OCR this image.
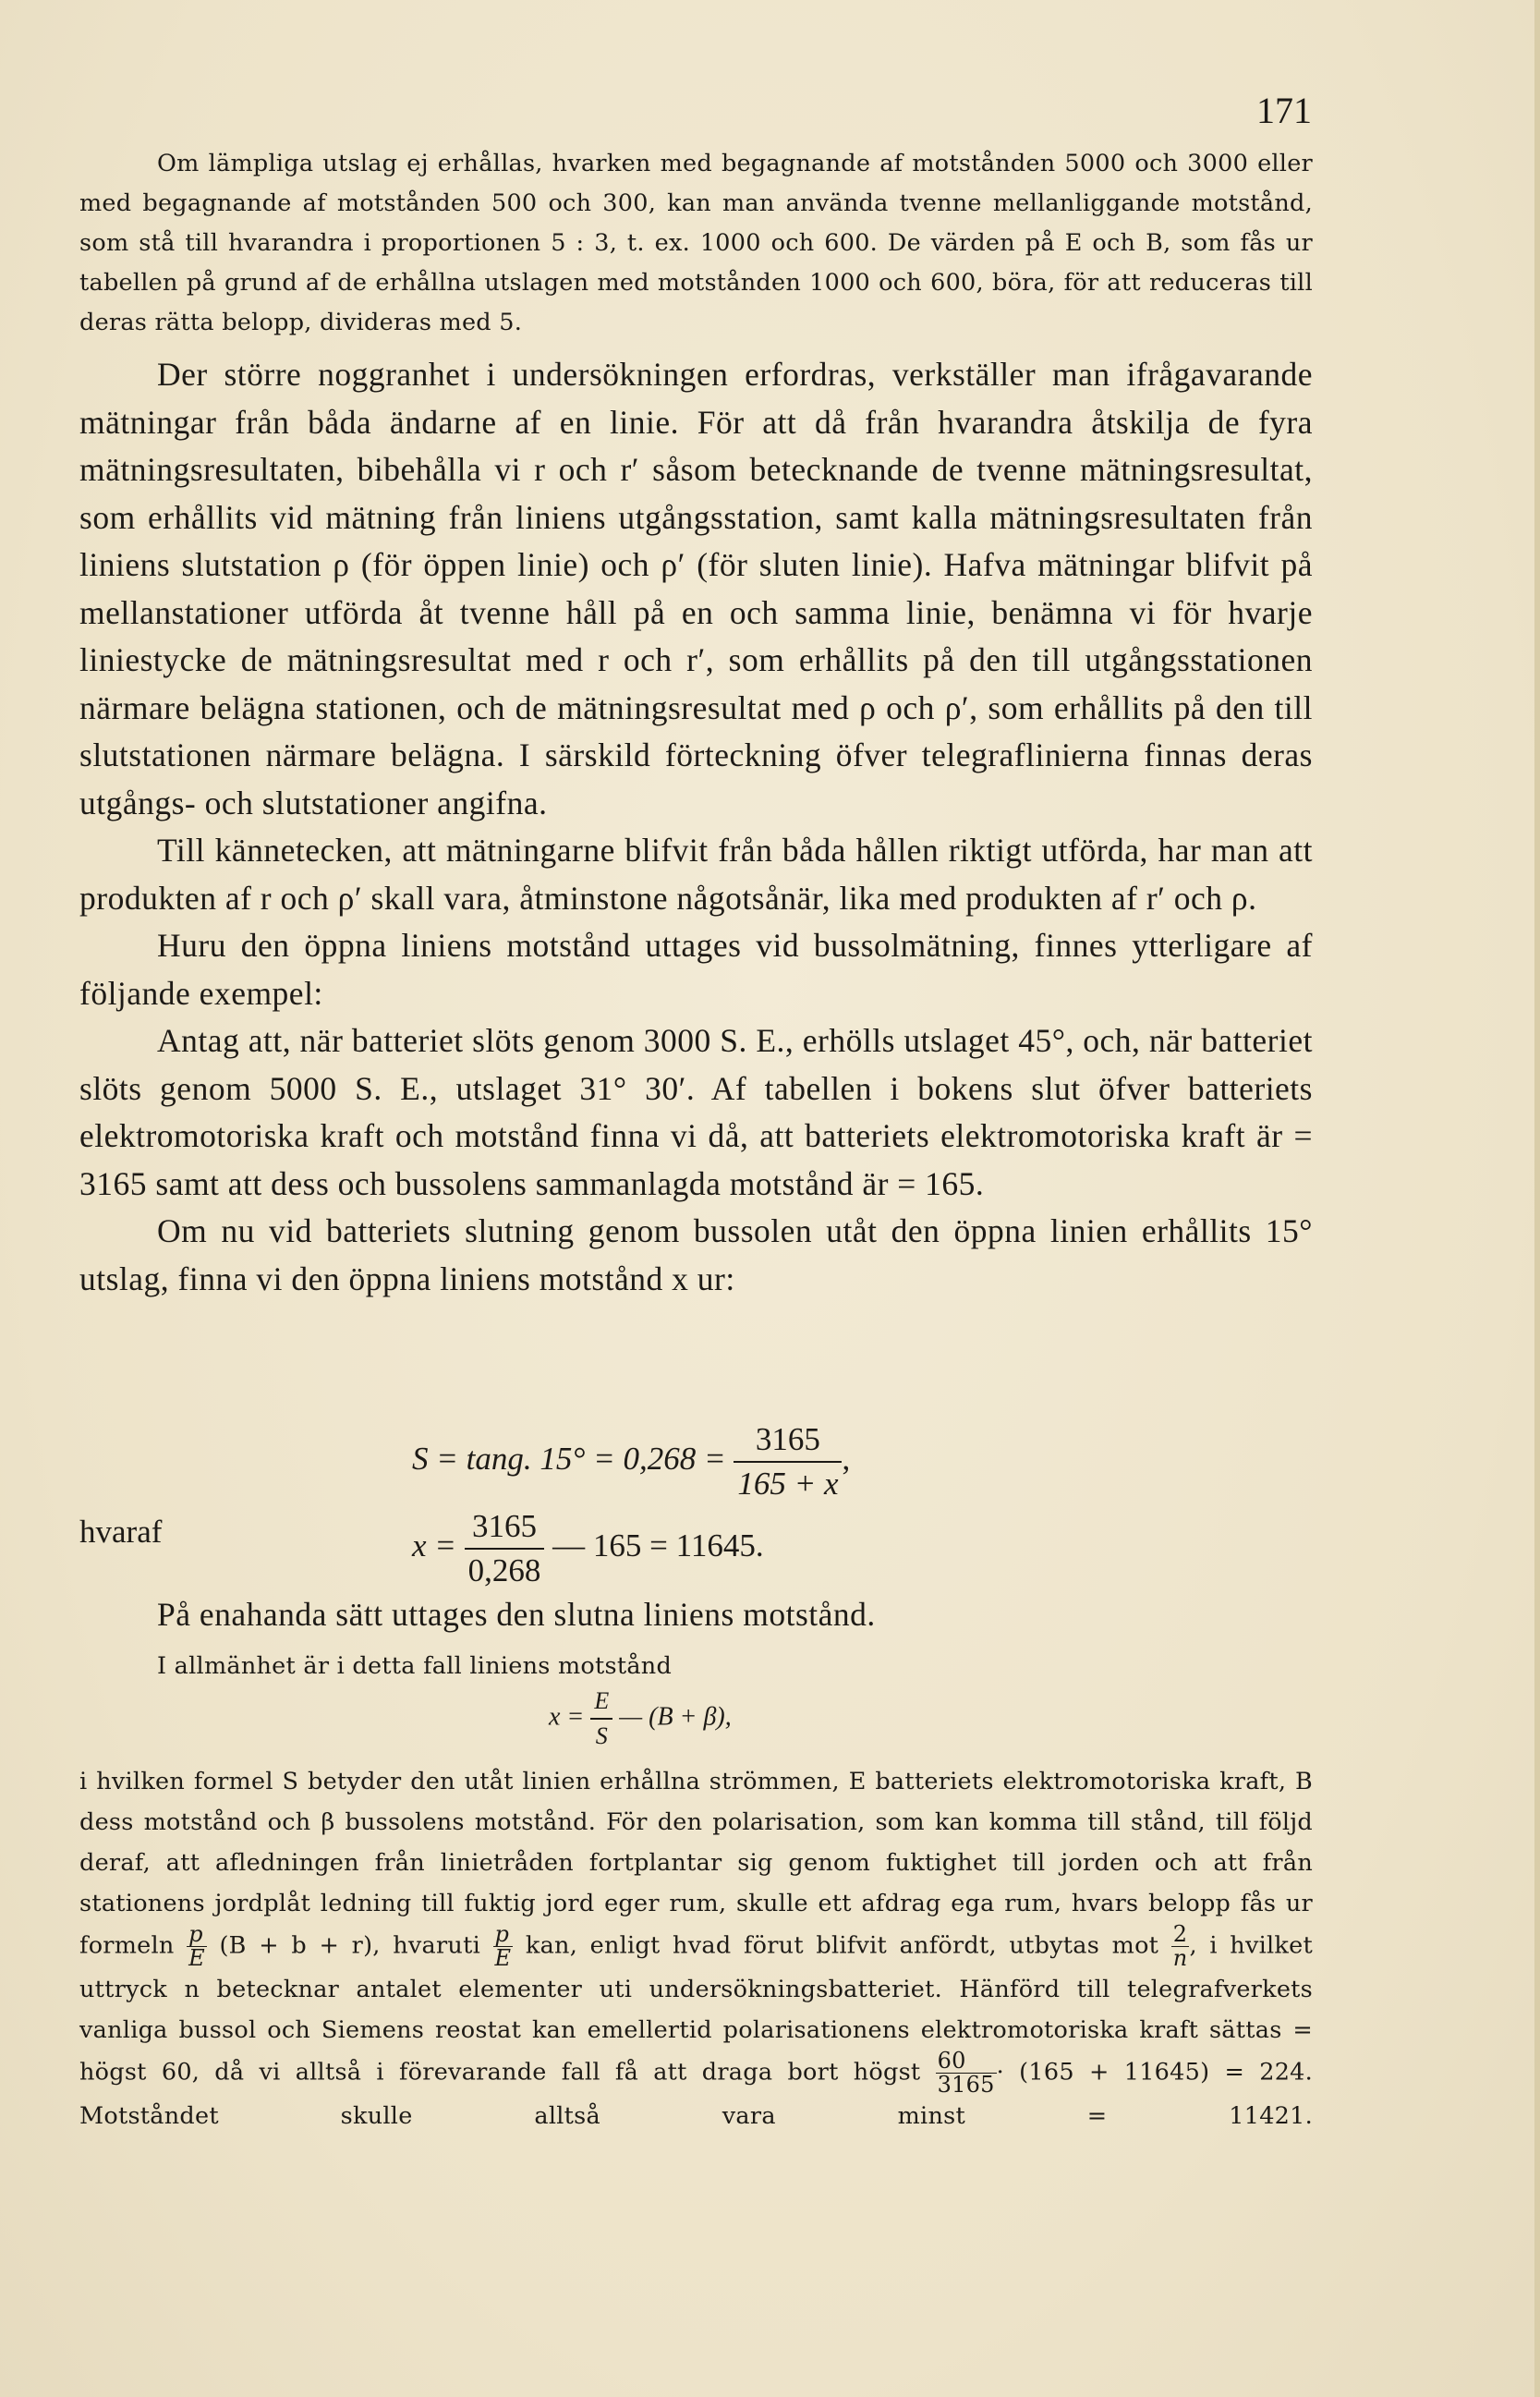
171

Om lämpliga utslag ej erhållas, hvarken med begagnande af motstånden 5000 och 3000 eller med begagnande af motstånden 500 och 300, kan man använda tvenne mellanliggande motstånd, som stå till hvarandra i proportionen 5 : 3, t. ex. 1000 och 600. De värden på E och B, som fås ur tabellen på grund af de erhållna utslagen med motstånden 1000 och 600, böra, för att reduceras till deras rätta belopp, divideras med 5.

Der större noggranhet i undersökningen erfordras, verkställer man ifrågavarande mätningar från båda ändarne af en linie. För att då från hvarandra åtskilja de fyra mätningsresultaten, bibehålla vi r och r′ såsom betecknande de tvenne mätningsresultat, som erhållits vid mätning från liniens utgångsstation, samt kalla mätningsresultaten från liniens slutstation ρ (för öppen linie) och ρ′ (för sluten linie). Hafva mätningar blifvit på mellanstationer utförda åt tvenne håll på en och samma linie, benämna vi för hvarje liniestycke de mätningsresultat med r och r′, som erhållits på den till utgångsstationen närmare belägna stationen, och de mätningsresultat med ρ och ρ′, som erhållits på den till slutstationen närmare belägna. I särskild förteckning öfver telegraflinierna finnas deras utgångs- och slutstationer angifna.

Till kännetecken, att mätningarne blifvit från båda hållen riktigt utförda, har man att produkten af r och ρ′ skall vara, åtminstone någotsånär, lika med produkten af r′ och ρ.

Huru den öppna liniens motstånd uttages vid bussolmätning, finnes ytterligare af följande exempel:

Antag att, när batteriet slöts genom 3000 S. E., erhölls utslaget 45°, och, när batteriet slöts genom 5000 S. E., utslaget 31° 30′. Af tabellen i bokens slut öfver batteriets elektromotoriska kraft och motstånd finna vi då, att batteriets elektromotoriska kraft är = 3165 samt att dess och bussolens sammanlagda motstånd är = 165.

Om nu vid batteriets slutning genom bussolen utåt den öppna linien erhållits 15° utslag, finna vi den öppna liniens motstånd x ur:

S = tang. $15^\circ = 0,268 = \frac{3165}{165 + x}$ ,
hvaraf	$x = \frac{3165}{0,268}$ — 165 = 11645.

På enahanda sätt uttages den slutna liniens motstånd.

I allmänhet är i detta fall liniens motstånd

$x = \frac{E}{S}$ — (B + β),

i hvilken formel S betyder den utåt linien erhållna strömmen, E batteriets elektromotoriska kraft, B dess motstånd och β bussolens motstånd. För den polarisation, som kan komma till stånd, till följd deraf, att afledningen från linietråden fortplantar sig genom fuktighet till jorden och att från stationens jordplåt ledning till fuktig jord eger rum, skulle ett afdrag ega rum, hvars belopp fås ur formeln $\frac{p}{E} (B + b + r)$, hvaruti $\frac{p}{E}$ kan, enligt hvad förut blifvit anfördt, utbytas mot $\frac{2}{n}$ , i hvilket uttryck n betecknar antalet elementer uti undersökningsbatteriet. Hänförd till telegrafverkets vanliga bussol och Siemens reostat kan emellertid polarisationens elektromotoriska kraft sättas = högst 60, då vi alltså i förevarande fall få att draga bort högst $\frac{60}{3165} \cdot (165 + 11645) = 224$. Motståndet skulle alltså vara minst = 11421.
